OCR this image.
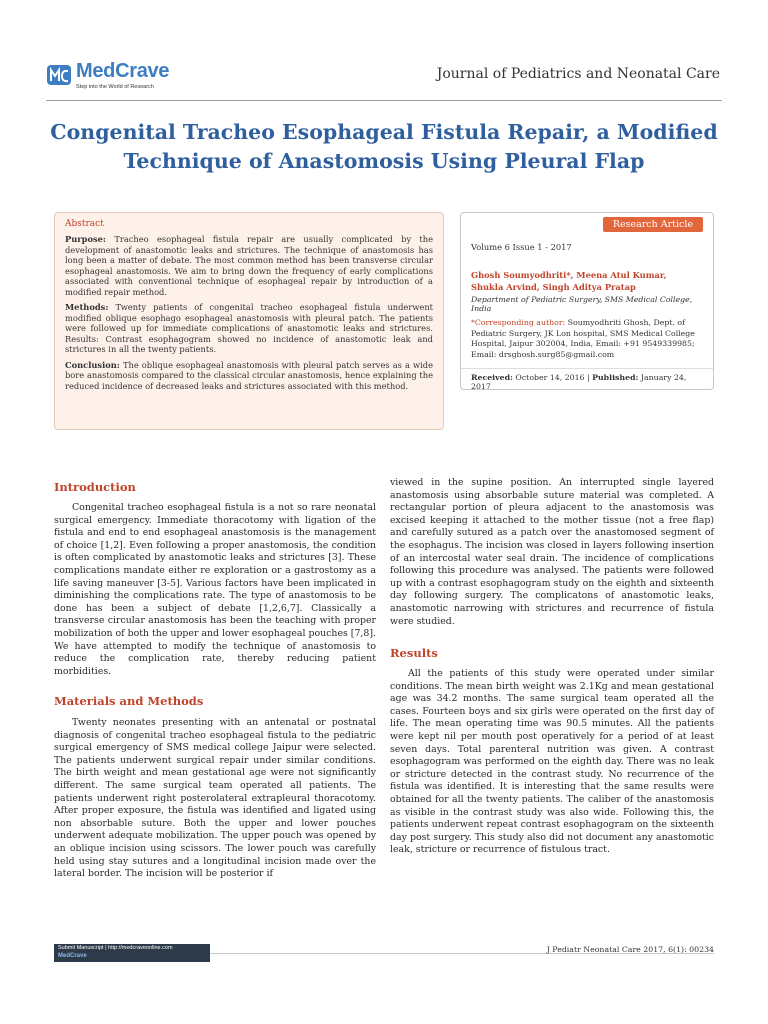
MedCrave
Step into the World of Research
Journal of Pediatrics and Neonatal Care
Congenital Tracheo Esophageal Fistula Repair, a Modified
Technique of Anastomosis Using Pleural Flap
Abstract

Purpose: Tracheo esophageal fistula repair are usually complicated by the development of anastomotic leaks and strictures. The technique of anastomosis has long been a matter of debate. The most common method has been transverse circular esophageal anastomosis. We aim to bring down the frequency of early complications associated with conventional technique of esophageal repair by introduction of a modified repair method.

Methods: Twenty patients of congenital tracheo esophageal fistula underwent modified oblique esophago esophageal anastomosis with pleural patch. The patients were followed up for immediate complications of anastomotic leaks and strictures. Results: Contrast esophagogram showed no incidence of anastomotic leak and strictures in all the twenty patients.

Conclusion: The oblique esophageal anastomosis with pleural patch serves as a wide bore anastomosis compared to the classical circular anastomosis, hence explaining the reduced incidence of decreased leaks and strictures associated with this method.

Research Article
Volume 6 Issue 1 - 2017
Ghosh Soumyodhriti*, Meena Atul Kumar,
Shukla Arvind, Singh Aditya Pratap
Department of Pediatric Surgery, SMS Medical College, India
*Corresponding author: Soumyodhriti Ghosh, Dept. of Pediatric Surgery, JK Lon hospital, SMS Medical College Hospital, Jaipur 302004, India, Email: +91 9549339985; Email: drsghosh.surg85@gmail.com
Received: October 14, 2016 | Published: January 24, 2017
Introduction

Congenital tracheo esophageal fistula is a not so rare neonatal surgical emergency. Immediate thoracotomy with ligation of the fistula and end to end esophageal anastomosis is the management of choice [1,2]. Even following a proper anastomosis, the condition is often complicated by anastomotic leaks and strictures [3]. These complications mandate either re exploration or a gastrostomy as a life saving maneuver [3-5]. Various factors have been implicated in diminishing the complications rate. The type of anastomosis to be done has been a subject of debate [1,2,6,7]. Classically a transverse circular anastomosis has been the teaching with proper mobilization of both the upper and lower esophageal pouches [7,8]. We have attempted to modify the technique of anastomosis to reduce the complication rate, thereby reducing patient morbidities.

Materials and Methods

Twenty neonates presenting with an antenatal or postnatal diagnosis of congenital tracheo esophageal fistula to the pediatric surgical emergency of SMS medical college Jaipur were selected. The patients underwent surgical repair under similar conditions. The birth weight and mean gestational age were not significantly different. The same surgical team operated all patients. The patients underwent right posterolateral extrapleural thoracotomy. After proper exposure, the fistula was identified and ligated using non absorbable suture. Both the upper and lower pouches underwent adequate mobilization. The upper pouch was opened by an oblique incision using scissors. The lower pouch was carefully held using stay sutures and a longitudinal incision made over the lateral border. The incision will be posterior if

viewed in the supine position. An interrupted single layered anastomosis using absorbable suture material was completed. A rectangular portion of pleura adjacent to the anastomosis was excised keeping it attached to the mother tissue (not a free flap) and carefully sutured as a patch over the anastomosed segment of the esophagus. The incision was closed in layers following insertion of an intercostal water seal drain. The incidence of complications following this procedure was analysed. The patients were followed up with a contrast esophagogram study on the eighth and sixteenth day following surgery. The complicatons of anastomotic leaks, anastomotic narrowing with strictures and recurrence of fistula were studied.

Results

All the patients of this study were operated under similar conditions. The mean birth weight was 2.1Kg and mean gestational age was 34.2 months. The same surgical team operated all the cases. Fourteen boys and six girls were operated on the first day of life. The mean operating time was 90.5 minutes. All the patients were kept nil per mouth post operatively for a period of at least seven days. Total parenteral nutrition was given. A contrast esophagogram was performed on the eighth day. There was no leak or stricture detected in the contrast study. No recurrence of the fistula was identified. It is interesting that the same results were obtained for all the twenty patients. The caliber of the anastomosis as visible in the contrast study was also wide. Following this, the patients underwent repeat contrast esophagogram on the sixteenth day post surgery. This study also did not document any anastomotic leak, stricture or recurrence of fistulous tract.

Submit Manuscript | http://medcraveonline.com
MedCrave
J Pediatr Neonatal Care 2017, 6(1): 00234
